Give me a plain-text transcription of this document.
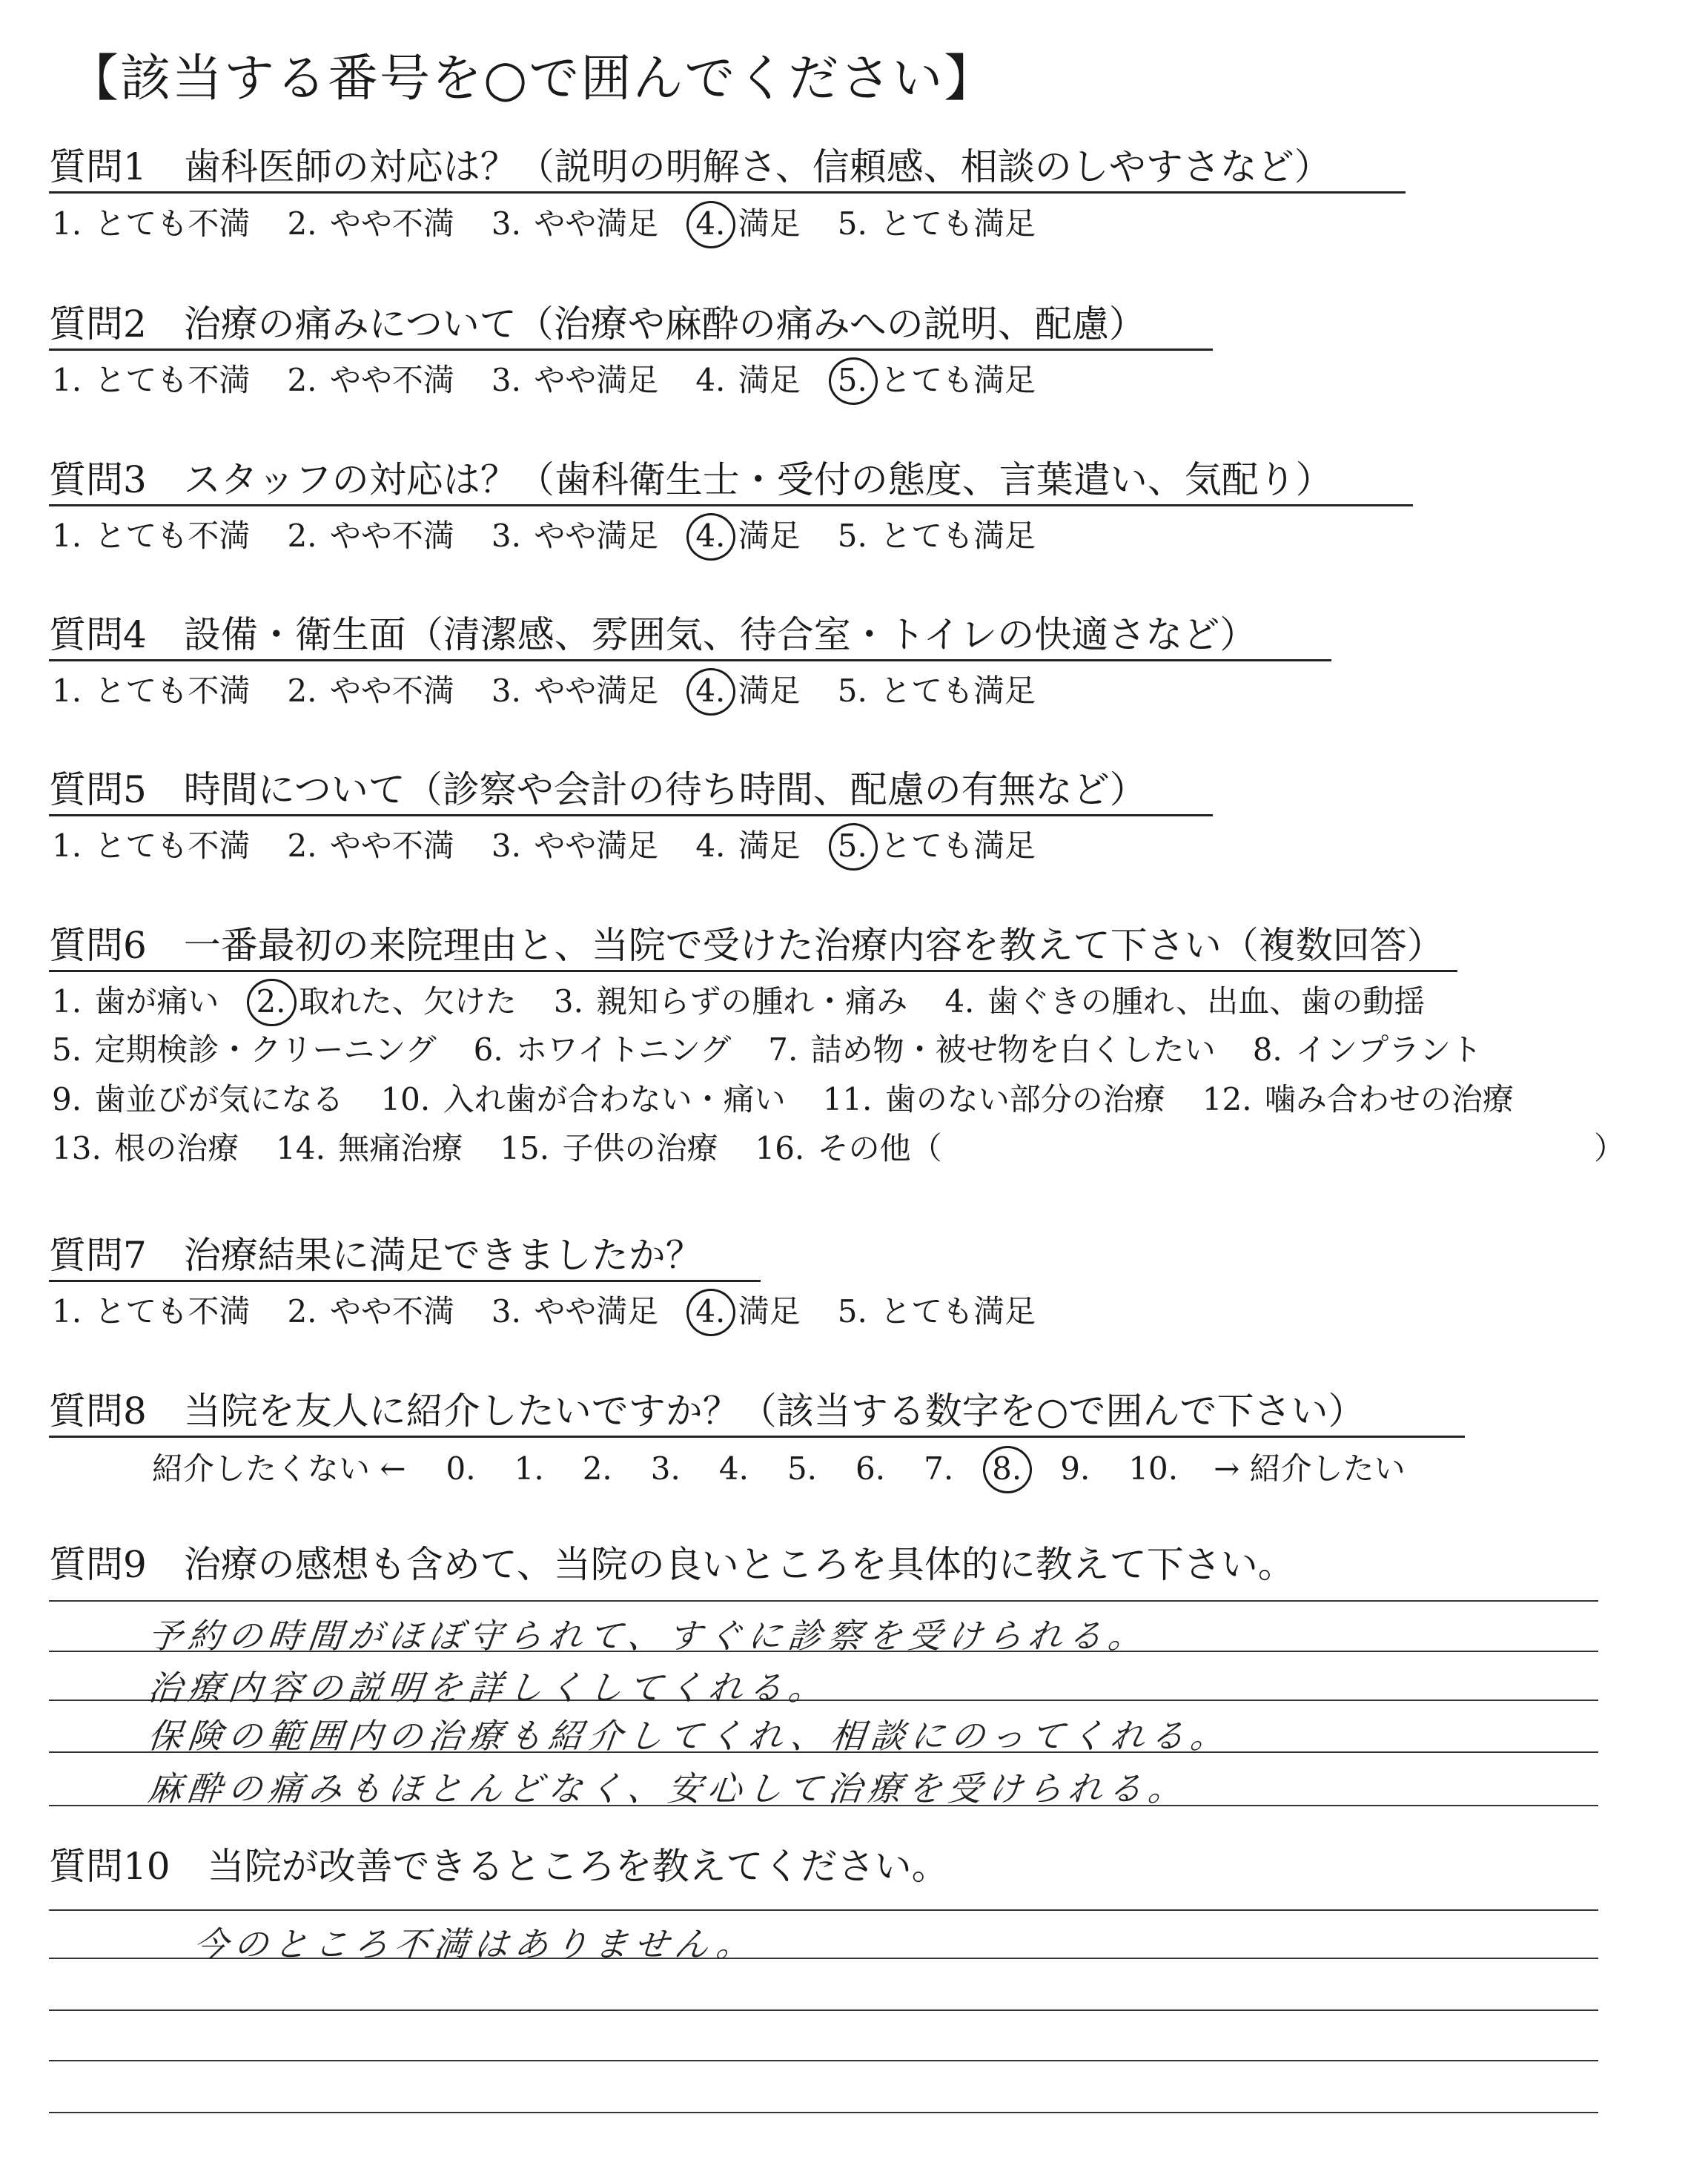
【該当する番号を○で囲んでください】
質問1　歯科医師の対応は？（説明の明解さ、信頼感、相談のしやすさなど）
1. とても不満 2. やや不満 3. やや満足 4. 満足 5. とても満足
質問2　治療の痛みについて（治療や麻酔の痛みへの説明、配慮）
1. とても不満 2. やや不満 3. やや満足 4. 満足 5. とても満足
質問3　スタッフの対応は？（歯科衛生士・受付の態度、言葉遣い、気配り）
1. とても不満 2. やや不満 3. やや満足 4. 満足 5. とても満足
質問4　設備・衛生面（清潔感、雰囲気、待合室・トイレの快適さなど）
1. とても不満 2. やや不満 3. やや満足 4. 満足 5. とても満足
質問5　時間について（診察や会計の待ち時間、配慮の有無など）
1. とても不満 2. やや不満 3. やや満足 4. 満足 5. とても満足
質問6　一番最初の来院理由と、当院で受けた治療内容を教えて下さい（複数回答）
1. 歯が痛い 2. 取れた、欠けた 3. 親知らずの腫れ・痛み 4. 歯ぐきの腫れ、出血、歯の動揺
5. 定期検診・クリーニング 6. ホワイトニング 7. 詰め物・被せ物を白くしたい 8. インプラント
9. 歯並びが気になる 10. 入れ歯が合わない・痛い 11. 歯のない部分の治療 12. 噛み合わせの治療
13. 根の治療 14. 無痛治療 15. 子供の治療 16. その他（	）
質問7　治療結果に満足できましたか？
1. とても不満 2. やや不満 3. やや満足 4. 満足 5. とても満足
質問8　当院を友人に紹介したいですか？（該当する数字を○で囲んで下さい）
紹介したくない ← 0. 1. 2. 3. 4. 5. 6. 7. 8. 9. 10. → 紹介したい
質問9　治療の感想も含めて、当院の良いところを具体的に教えて下さい。
予約の時間がほぼ守られて、すぐに診察を受けられる。
治療内容の説明を詳しくしてくれる。
保険の範囲内の治療も紹介してくれ、相談にのってくれる。
麻酔の痛みもほとんどなく、安心して治療を受けられる。
質問10　当院が改善できるところを教えてください。
今のところ不満はありません。
